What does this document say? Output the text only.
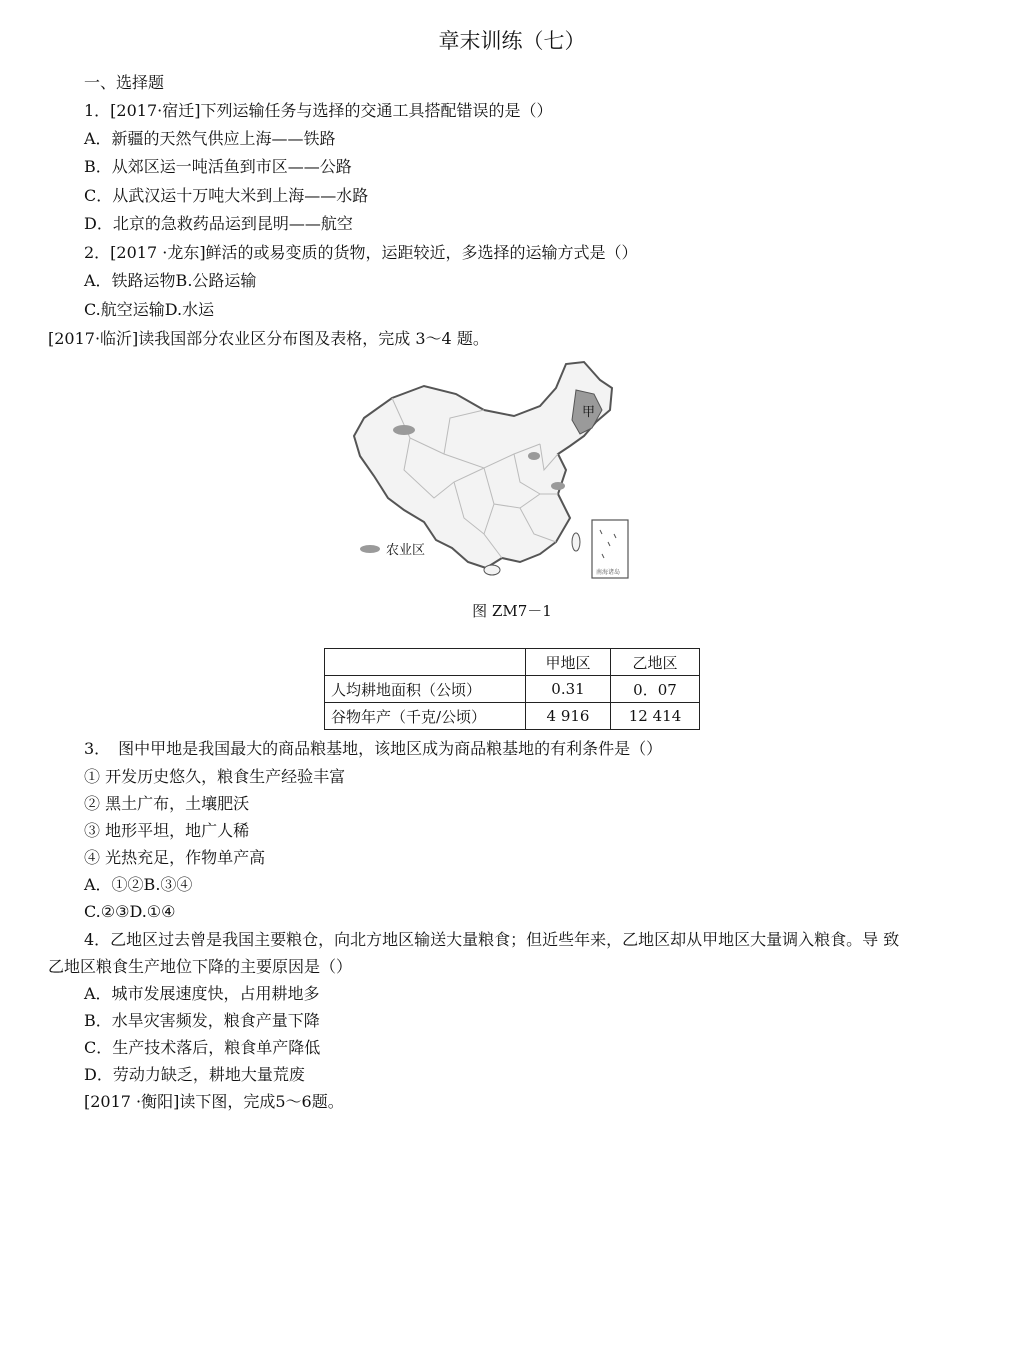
章末训练（七）
一、选择题
1．[2017·宿迁]下列运输任务与选择的交通工具搭配错误的是（）
A．新疆的天然气供应上海——铁路
B．从郊区运一吨活鱼到市区——公路
C．从武汉运十万吨大米到上海——水路
D．北京的急救药品运到昆明——航空
2．[2017 ·龙东]鲜活的或易变质的货物，运距较近，多选择的运输方式是（）
A．铁路运物B.公路运输
C.航空运输D.水运
[2017·临沂]读我国部分农业区分布图及表格，完成 3～4 题。
甲
农业区
南海诸岛
图 ZM7－1
	甲地区	乙地区
人均耕地面积（公顷）	0.31	0．07
谷物年产（千克/公顷）	4 916	12 414
3．　图中甲地是我国最大的商品粮基地，该地区成为商品粮基地的有利条件是（）
① 开发历史悠久，粮食生产经验丰富
② 黑土广布，土壤肥沃
③ 地形平坦，地广人稀
④ 光热充足，作物单产高
A．①②B.③④
C.②③D.①④
4．乙地区过去曾是我国主要粮仓，向北方地区输送大量粮食；但近些年来，乙地区却从甲地区大量调入粮食。导 致
乙地区粮食生产地位下降的主要原因是（）
A．城市发展速度快，占用耕地多
B．水旱灾害频发，粮食产量下降
C．生产技术落后，粮食单产降低
D．劳动力缺乏，耕地大量荒废
[2017 ·衡阳]读下图，完成5～6题。
